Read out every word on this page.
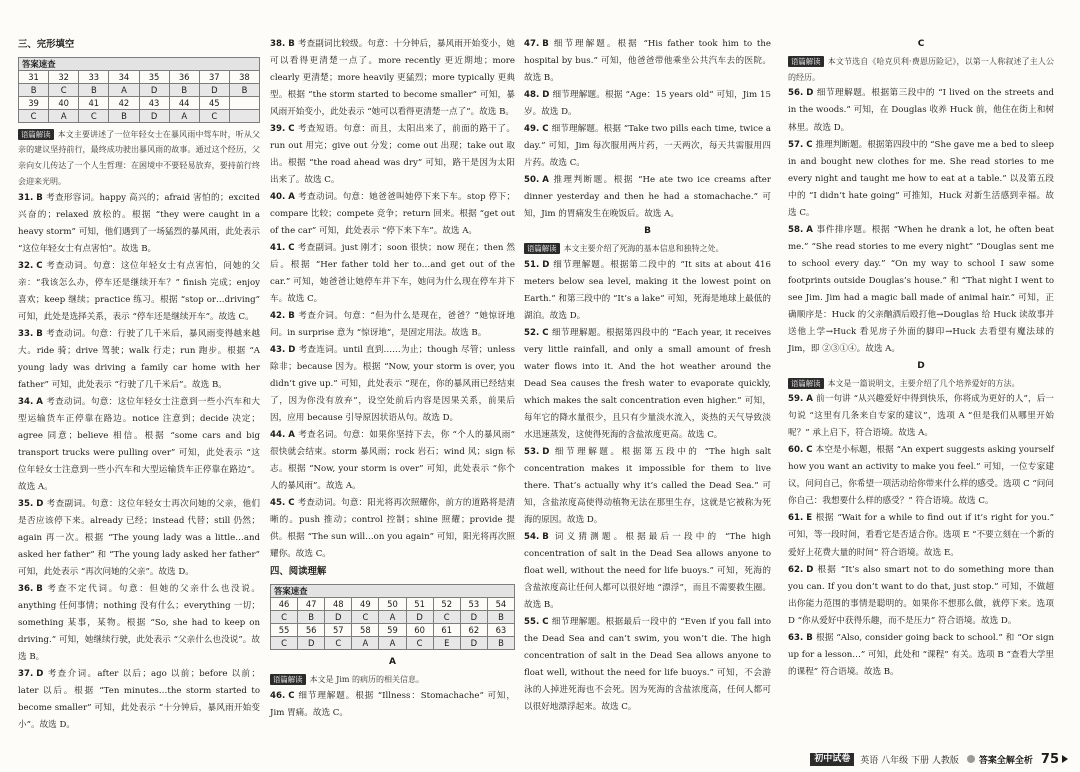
三、完形填空
答案速查							
31	32	33	34	35	36	37	38
B	C	B	A	D	B	D	B
39	40	41	42	43	44	45	
C	A	C	B	D	A	C	
语篇解读 本文主要讲述了一位年轻女士在暴风雨中驾车时，听从父亲的建议坚持前行，最终成功驶出暴风雨的故事。通过这个经历，父亲向女儿传达了一个人生哲理：在困境中不要轻易放弃，要持前行终会迎来光明。
31. B 考查形容词。happy 高兴的；afraid 害怕的；excited 兴奋的；relaxed 放松的。根据 “they were caught in a heavy storm” 可知，他们遇到了一场猛烈的暴风雨，此处表示 “这位年轻女士有点害怕”。故选 B。
32. C 考查动词。句意：这位年轻女士有点害怕，问她的父亲：“我该怎么办，停车还是继续开车？” finish 完成；enjoy 喜欢；keep 继续；practice 练习。根据 “stop or…driving” 可知，此处是选择关系，表示 “停车还是继续开车”。故选 C。
33. B 考查动词。句意：行驶了几千米后，暴风雨变得越来越大。ride 骑；drive 驾驶；walk 行走；run 跑步。根据 “A young lady was driving a family car home with her father” 可知，此处表示 “行驶了几千米后”。故选 B。
34. A 考查动词。句意：这位年轻女士注意到一些小汽车和大型运输货车正停靠在路边。notice 注意到；decide 决定；agree 同意；believe 相信。根据 “some cars and big transport trucks were pulling over” 可知，此处表示 “这位年轻女士注意到一些小汽车和大型运输货车正停靠在路边”。故选 A。
35. D 考查副词。句意：这位年轻女士再次问她的父亲，他们是否应该停下来。already 已经；instead 代替；still 仍然；again 再一次。根据 “The young lady was a little…and asked her father” 和 “The young lady asked her father” 可知，此处表示 “再次问她的父亲”。故选 D。
36. B 考查不定代词。句意：但她的父亲什么也没说。anything 任何事情；nothing 没有什么；everything 一切；something 某事，某物。根据 “So, she had to keep on driving.” 可知，她继续行驶，此处表示 “父亲什么也没说”。故选 B。
37. D 考查介词。after 以后；ago 以前；before 以前；later 以后。根据 “Ten minutes…the storm started to become smaller” 可知，此处表示 “十分钟后，暴风雨开始变小”。故选 D。
38. B 考查副词比较级。句意：十分钟后，暴风雨开始变小，她可以看得更清楚一点了。more recently 更近期地；more clearly 更清楚；more heavily 更猛烈；more typically 更典型。根据 “the storm started to become smaller” 可知，暴风雨开始变小，此处表示 “她可以看得更清楚一点了”。故选 B。
39. C 考查短语。句意：而且，太阳出来了，前面的路干了。run out 用完；give out 分发；come out 出现；take out 取出。根据 “the road ahead was dry” 可知，路干是因为太阳出来了。故选 C。
40. A 考查动词。句意：她爸爸叫她停下来下车。stop 停下；compare 比较；compete 竞争；return 回来。根据 “get out of the car” 可知，此处表示 “停下来下车”。故选 A。
41. C 考查副词。just 刚才；soon 很快；now 现在；then 然后。根据 “Her father told her to…and get out of the car.” 可知，她爸爸让她停车并下车，她问为什么现在停车并下车。故选 C。
42. B 考查介词。句意：“但为什么是现在，爸爸？”她惊讶地问。in surprise 意为 “惊讶地”，是固定用法。故选 B。
43. D 考查连词。until 直到……为止；though 尽管；unless 除非；because 因为。根据 “Now, your storm is over, you didn’t give up.” 可知，此处表示 “现在，你的暴风雨已经结束了，因为你没有放弃”，设空处前后内容是因果关系，前果后因，应用 because 引导原因状语从句。故选 D。
44. A 考查名词。句意：如果你坚持下去，你 “个人的暴风雨” 很快就会结束。storm 暴风雨；rock 岩石；wind 风；sign 标志。根据 “Now, your storm is over” 可知，此处表示 “你个人的暴风雨”。故选 A。
45. C 考查动词。句意：阳光将再次照耀你，前方的道路将是清晰的。push 推动；control 控制；shine 照耀；provide 提供。根据 “The sun will…on you again” 可知，阳光将再次照耀你。故选 C。
四、阅读理解
答案速查								
46	47	48	49	50	51	52	53	54
C	B	D	C	A	D	C	D	B
55	56	57	58	59	60	61	62	63
C	D	C	A	A	C	E	D	B
A
语篇解读 本文是 Jim 的病历的相关信息。
46. C 细节理解题。根据 “Illness：Stomachache” 可知，Jim 胃痛。故选 C。
47. B 细节理解题。根据 “His father took him to the hospital by bus.” 可知，他爸爸带他乘坐公共汽车去的医院。故选 B。
48. D 细节理解题。根据 “Age：15 years old” 可知，Jim 15 岁。故选 D。
49. C 细节理解题。根据 “Take two pills each time, twice a day.” 可知，Jim 每次服用两片药，一天两次，每天共需服用四片药。故选 C。
50. A 推理判断题。根据 “He ate two ice creams after dinner yesterday and then he had a stomachache.” 可知，Jim 的胃痛发生在晚饭后。故选 A。
B
语篇解读 本文主要介绍了死海的基本信息和独特之处。
51. D 细节理解题。根据第二段中的 “It sits at about 416 meters below sea level, making it the lowest point on Earth.” 和第三段中的 “It’s a lake” 可知，死海是地球上最低的湖泊。故选 D。
52. C 细节理解题。根据第四段中的 “Each year, it receives very little rainfall, and only a small amount of fresh water flows into it. And the hot weather around the Dead Sea causes the fresh water to evaporate quickly, which makes the salt concentration even higher.” 可知，每年它的降水量很少，且只有少量淡水流入，炎热的天气导致淡水迅速蒸发，这使得死海的含盐浓度更高。故选 C。
53. D 细节理解题。根据第五段中的 “The high salt concentration makes it impossible for them to live there. That’s actually why it’s called the Dead Sea.” 可知，含盐浓度高使得动植物无法在那里生存，这就是它被称为死海的原因。故选 D。
54. B 词义猜测题。根据最后一段中的 “The high concentration of salt in the Dead Sea allows anyone to float well, without the need for life buoys.” 可知，死海的含盐浓度高让任何人都可以很好地 “漂浮”，而且不需要救生圈。故选 B。
55. C 细节理解题。根据最后一段中的 “Even if you fall into the Dead Sea and can’t swim, you won’t die. The high concentration of salt in the Dead Sea allows anyone to float well, without the need for life buoys.” 可知，不会游泳的人掉进死海也不会死。因为死海的含盐浓度高，任何人都可以很好地漂浮起来。故选 C。
C
语篇解读 本文节选自《哈克贝利·费恩历险记》，以第一人称叙述了主人公的经历。
56. D 细节理解题。根据第三段中的 “I lived on the streets and in the woods.” 可知，在 Douglas 收养 Huck 前，他住在街上和树林里。故选 D。
57. C 推理判断题。根据第四段中的 “She gave me a bed to sleep in and bought new clothes for me. She read stories to me every night and taught me how to eat at a table.” 以及第五段中的 “I didn’t hate going” 可推知，Huck 对新生活感到幸福。故选 C。
58. A 事件排序题。根据 “When he drank a lot, he often beat me.” “She read stories to me every night” “Douglas sent me to school every day.” “On my way to school I saw some footprints outside Douglas’s house.” 和 “That night I went to see Jim. Jim had a magic ball made of animal hair.” 可知，正确顺序是：Huck 的父亲酗酒后殴打他→Douglas 给 Huck 读故事并送他上学→Huck 看见房子外面的脚印→Huck 去看望有魔法球的 Jim，即 ②③①④。故选 A。
D
语篇解读 本文是一篇说明文，主要介绍了几个培养爱好的方法。
59. A 前一句讲 “从兴趣爱好中得到快乐，你将成为更好的人”，后一句说 “这里有几条来自专家的建议”，选项 A “但是我们从哪里开始呢？” 承上启下，符合语境。故选 A。
60. C 本空是小标题，根据 “An expert suggests asking yourself how you want an activity to make you feel.” 可知，一位专家建议，问问自己，你希望一项活动给你带来什么样的感受。选项 C “问问你自己：我想要什么样的感受？” 符合语境。故选 C。
61. E 根据 “Wait for a while to find out if it’s right for you.” 可知，等一段时间，看看它是否适合你。选项 E “不要立刻在一个新的爱好上花费大量的时间” 符合语境。故选 E。
62. D 根据 “It’s also smart not to do something more than you can. If you don’t want to do that, just stop.” 可知，不做超出你能力范围的事情是聪明的。如果你不想那么做，就停下来。选项 D “你从爱好中获得乐趣，而不是压力” 符合语境。故选 D。
63. B 根据 “Also, consider going back to school.” 和 “Or sign up for a lesson…” 可知，此处和 “课程” 有关。选项 B “查看大学里的课程” 符合语境。故选 B。
初中试卷	英语 八年级 下册 人教版 答案全解全析 75
